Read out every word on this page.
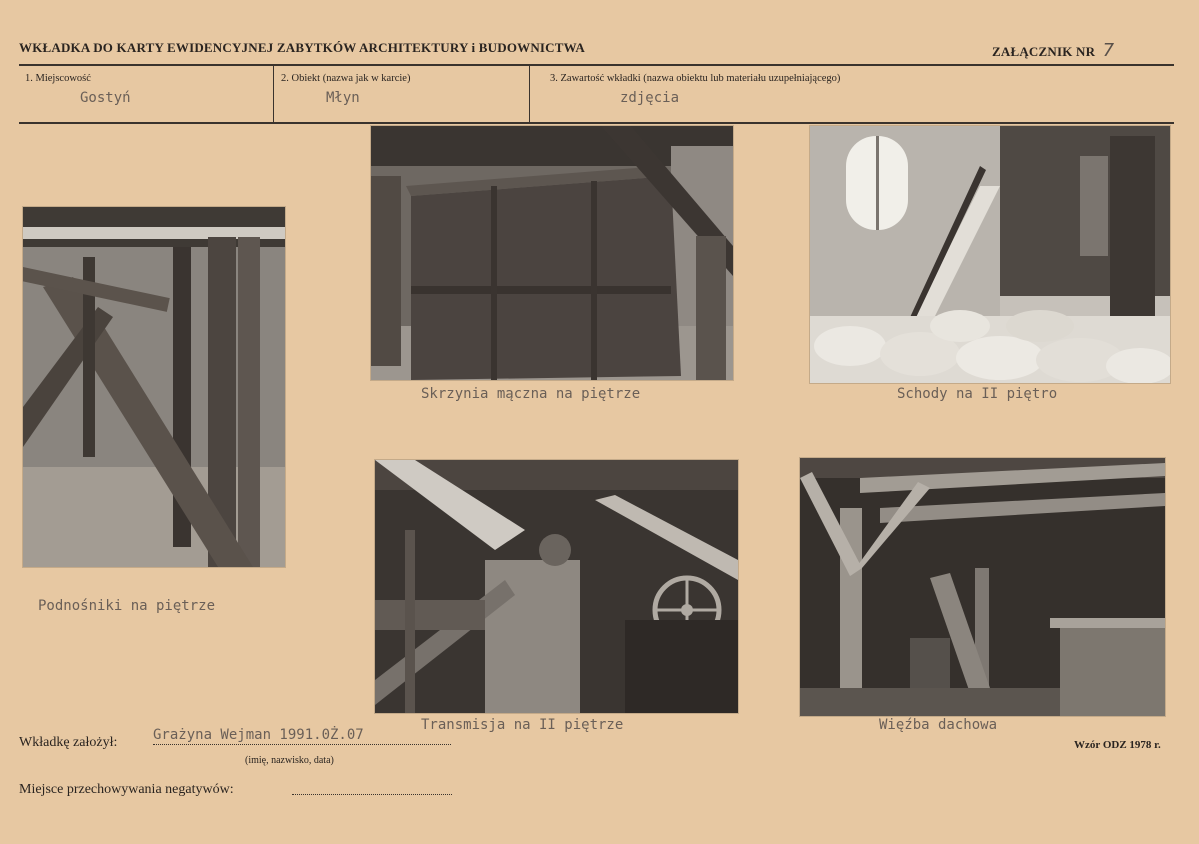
WKŁADKA DO KARTY EWIDENCYJNEJ ZABYTKÓW ARCHITEKTURY i BUDOWNICTWA	ZAŁĄCZNIK NR 7
1. Miejscowość
Gostyń
2. Obiekt (nazwa jak w karcie)
Młyn
3. Zawartość wkładki (nazwa obiektu lub materiału uzupełniającego)
zdjęcia
Podnośniki na piętrze
Skrzynia mączna na piętrze	Schody na II piętro
Transmisja na II piętrze	Więźba dachowa
Wkładkę założył:	Grażyna Wejman 1991.0Ż.07
(imię, nazwisko, data)
Wzór ODZ 1978 r.
Miejsce przechowywania negatywów:
